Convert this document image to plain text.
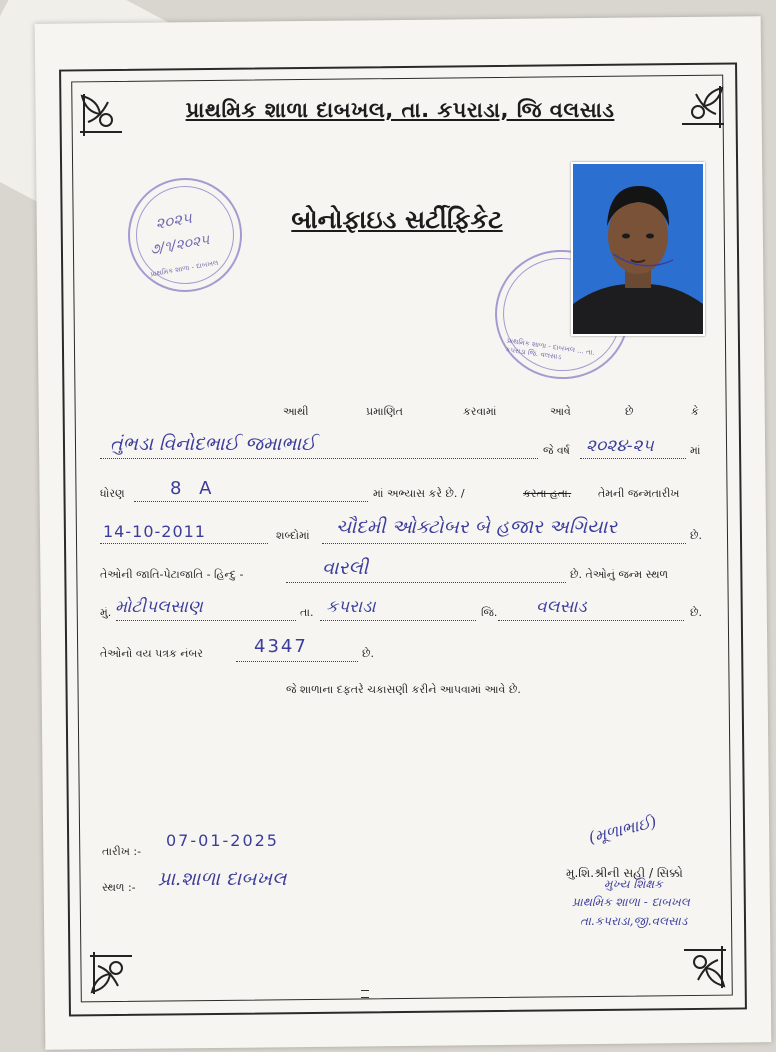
પ્રાથમિક શાળા દાબખલ, તા. કપરાડા, જિ વલસાડ
બોનોફાઇડ સર્ટીફિકેટ
૨૦૨૫
૭/૧/૨૦૨૫
પ્રાથમિક શાળા - દાબખલ
પ્રાથમિક શાળા - દાબખલ ... તા. કપરાડા જિ. વલસાડ
આથી	પ્રમાણિત	કરવામાં	આવે	છે	કે
તુંભડા વિનોદભાઈ જમાભાઈ	જે વર્ષ ૨૦૨૪-૨૫	માં
ધોરણ	8 A	માં અભ્યાસ કરે છે. /	કરતા હતા. તેમની જન્મતારીખ
14-10-2011	શબ્દોમાં ચૌદમી ઓક્ટોબર બે હજાર અગિયાર	છે.
તેઓની જાતિ-પેટાજાતિ - હિન્દુ -	વારલી	છે. તેઓનું જન્મ સ્થળ
મું. મોટીપલસાણ	તા. કપરાડા	જિ. વલસાડ	છે.
તેઓનો વય પત્રક નંબર	4347	છે.
જે શાળાના દફતરે ચકાસણી કરીને આપવામાં આવે છે.
તારીખ :-
07-01-2025
સ્થળ :- પ્રા.શાળા દાબખલ
(મૂળાભાઈ)
મુ.શિ.શ્રીની સહી / સિક્કો
મુખ્ય શિક્ષક
પ્રાથમિક શાળા - દાબખલ
તા.કપરાડા,જી.વલસાડ
